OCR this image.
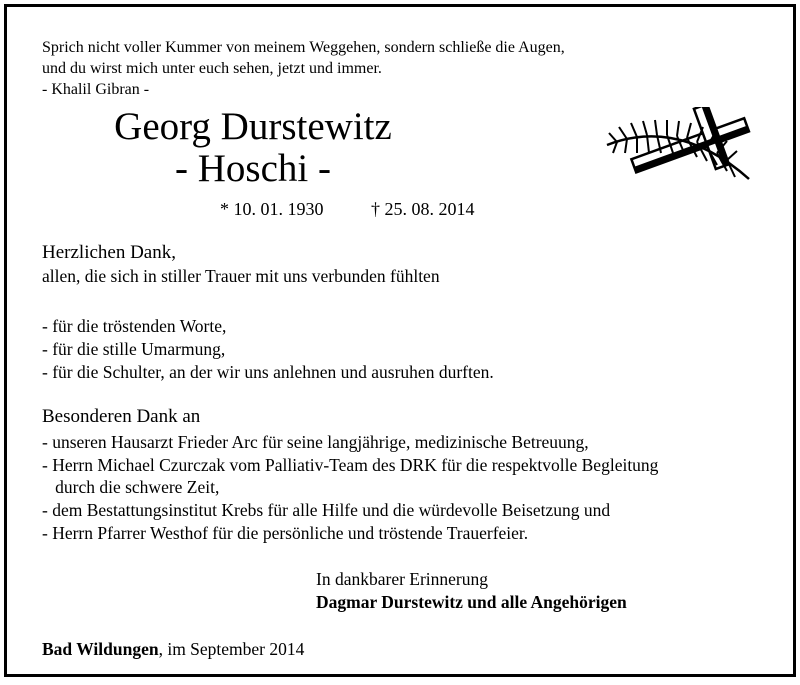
Sprich nicht voller Kummer von meinem Weggehen, sondern schließe die Augen,
und du wirst mich unter euch sehen, jetzt und immer.
- Khalil Gibran -
Georg Durstewitz
- Hoschi -
* 10. 01. 1930	† 25. 08. 2014
Herzlichen Dank,
allen, die sich in stiller Trauer mit uns verbunden fühlten
- für die tröstenden Worte,
- für die stille Umarmung,
- für die Schulter, an der wir uns anlehnen und ausruhen durften.
Besonderen Dank an
- unseren Hausarzt Frieder Arc für seine langjährige, medizinische Betreuung,
- Herrn Michael Czurczak vom Palliativ-Team des DRK für die respektvolle Begleitung
durch die schwere Zeit,
- dem Bestattungsinstitut Krebs für alle Hilfe und die würdevolle Beisetzung und
- Herrn Pfarrer Westhof für die persönliche und tröstende Trauerfeier.
In dankbarer Erinnerung
Dagmar Durstewitz und alle Angehörigen
Bad Wildungen, im September 2014
